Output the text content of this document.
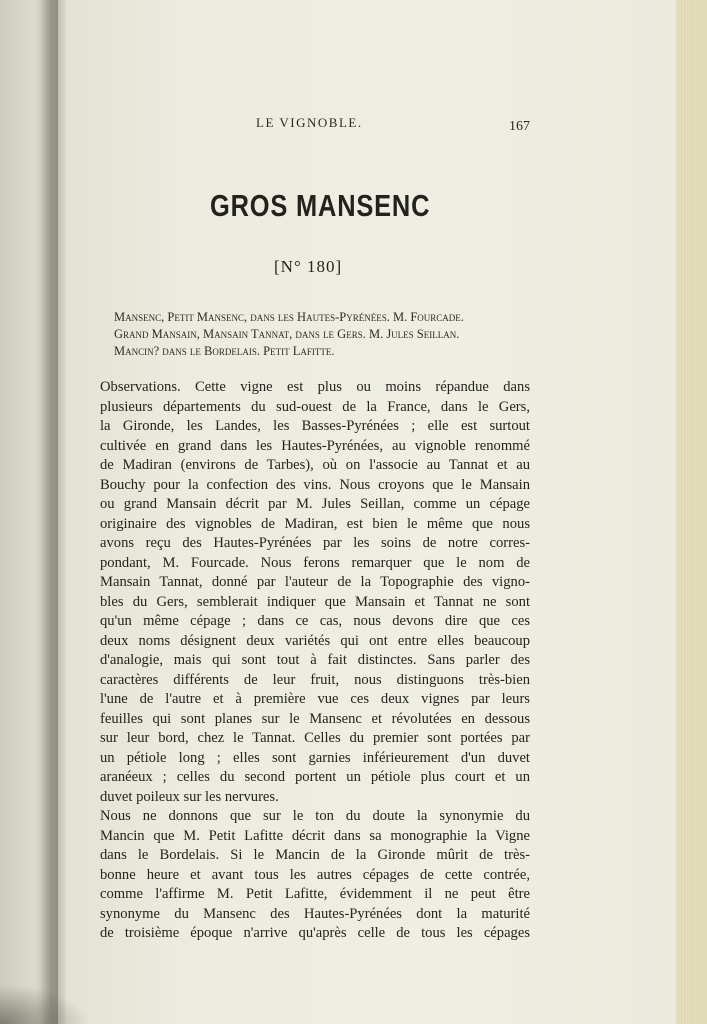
LE VIGNOBLE.	167
GROS MANSENC
[N° 180]
Mansenc, Petit Mansenc, dans les Hautes-Pyrénées. M. Fourcade.
Grand Mansain, Mansain Tannat, dans le Gers. M. Jules Seillan.
Mancin? dans le Bordelais. Petit Lafitte.
Observations. Cette vigne est plus ou moins répandue dans
plusieurs départements du sud-ouest de la France, dans le Gers,
la Gironde, les Landes, les Basses-Pyrénées ; elle est surtout
cultivée en grand dans les Hautes-Pyrénées, au vignoble renommé
de Madiran (environs de Tarbes), où on l'associe au Tannat et au
Bouchy pour la confection des vins. Nous croyons que le Mansain
ou grand Mansain décrit par M. Jules Seillan, comme un cépage
originaire des vignobles de Madiran, est bien le même que nous
avons reçu des Hautes-Pyrénées par les soins de notre corres-
pondant, M. Fourcade. Nous ferons remarquer que le nom de
Mansain Tannat, donné par l'auteur de la Topographie des vigno-
bles du Gers, semblerait indiquer que Mansain et Tannat ne sont
qu'un même cépage ; dans ce cas, nous devons dire que ces
deux noms désignent deux variétés qui ont entre elles beaucoup
d'analogie, mais qui sont tout à fait distinctes. Sans parler des
caractères différents de leur fruit, nous distinguons très-bien
l'une de l'autre et à première vue ces deux vignes par leurs
feuilles qui sont planes sur le Mansenc et révolutées en dessous
sur leur bord, chez le Tannat. Celles du premier sont portées par
un pétiole long ; elles sont garnies inférieurement d'un duvet
aranéeux ; celles du second portent un pétiole plus court et un
duvet poileux sur les nervures.
Nous ne donnons que sur le ton du doute la synonymie du
Mancin que M. Petit Lafitte décrit dans sa monographie la Vigne
dans le Bordelais. Si le Mancin de la Gironde mûrit de très-
bonne heure et avant tous les autres cépages de cette contrée,
comme l'affirme M. Petit Lafitte, évidemment il ne peut être
synonyme du Mansenc des Hautes-Pyrénées dont la maturité
de troisième époque n'arrive qu'après celle de tous les cépages
